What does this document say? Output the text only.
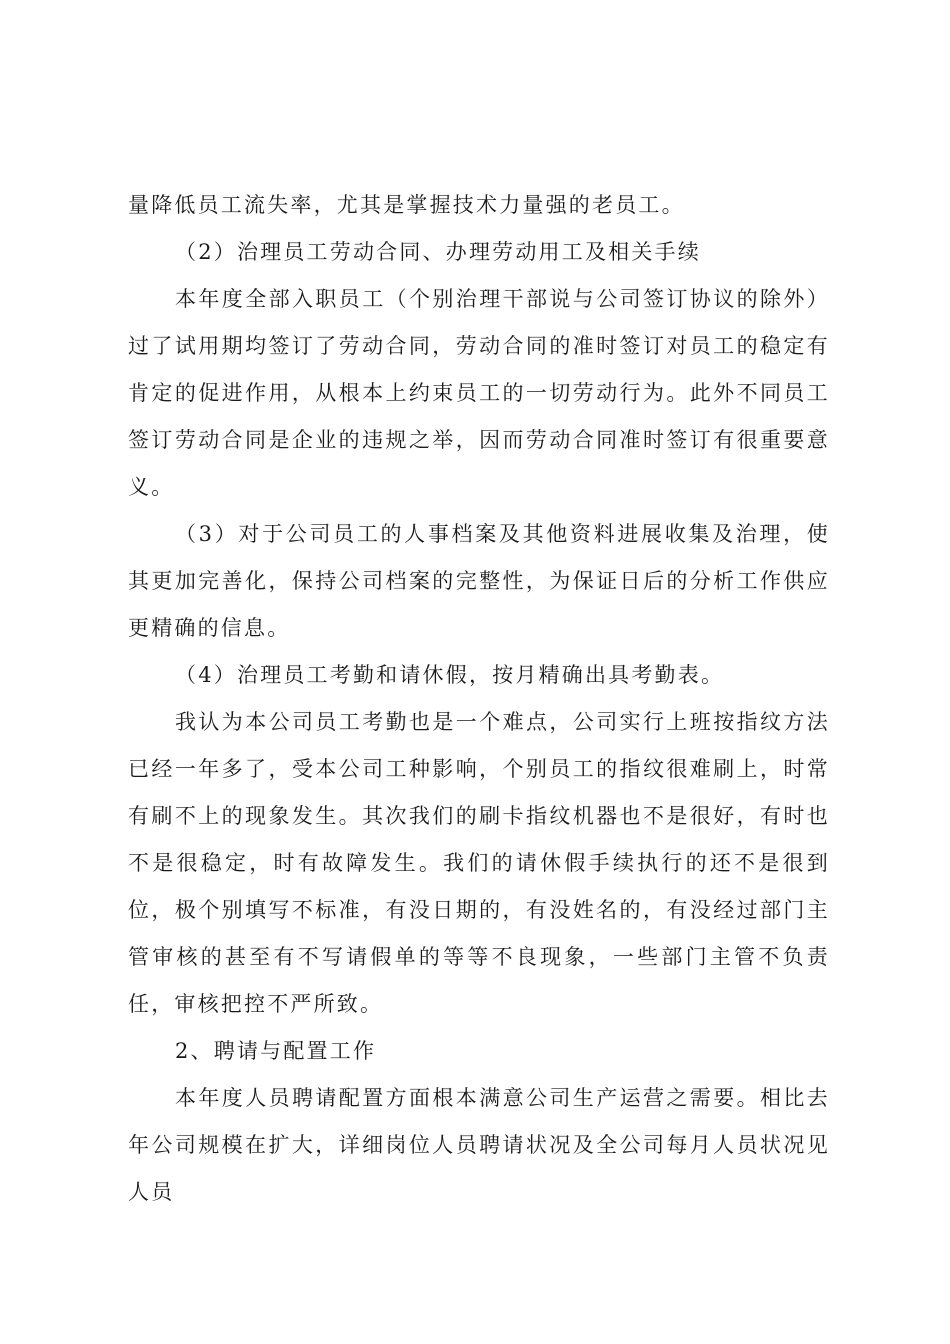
量降低员工流失率，尤其是掌握技术力量强的老员工。

（2）治理员工劳动合同、办理劳动用工及相关手续

本年度全部入职员工（个别治理干部说与公司签订协议的除外）过了试用期均签订了劳动合同，劳动合同的准时签订对员工的稳定有肯定的促进作用，从根本上约束员工的一切劳动行为。此外不同员工签订劳动合同是企业的违规之举，因而劳动合同准时签订有很重要意义。

（3）对于公司员工的人事档案及其他资料进展收集及治理，使其更加完善化，保持公司档案的完整性，为保证日后的分析工作供应更精确的信息。

（4）治理员工考勤和请休假，按月精确出具考勤表。

我认为本公司员工考勤也是一个难点，公司实行上班按指纹方法已经一年多了，受本公司工种影响，个别员工的指纹很难刷上，时常有刷不上的现象发生。其次我们的刷卡指纹机器也不是很好，有时也不是很稳定，时有故障发生。我们的请休假手续执行的还不是很到位，极个别填写不标准，有没日期的，有没姓名的，有没经过部门主管审核的甚至有不写请假单的等等不良现象，一些部门主管不负责任，审核把控不严所致。

2、聘请与配置工作

本年度人员聘请配置方面根本满意公司生产运营之需要。相比去年公司规模在扩大，详细岗位人员聘请状况及全公司每月人员状况见人员
